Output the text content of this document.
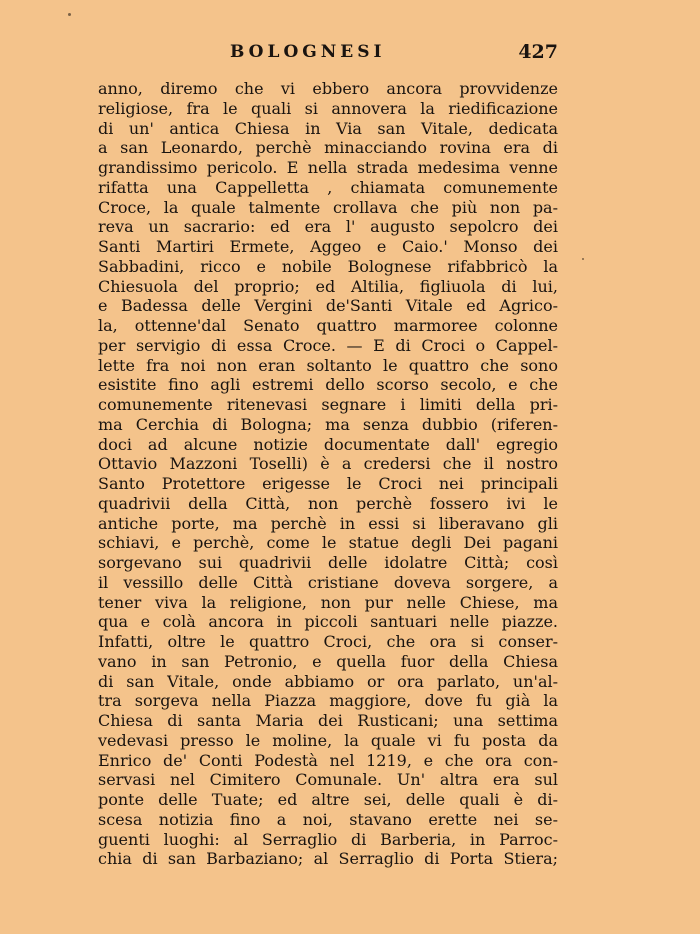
BOLOGNESI	427
anno, diremo che vi ebbero ancora provvidenze
religiose, fra le quali si annovera la riedificazione
di un' antica Chiesa in Via san Vitale, dedicata
a san Leonardo, perchè minacciando rovina era di
grandissimo pericolo. E nella strada medesima venne
rifatta una Cappelletta , chiamata comunemente
Croce, la quale talmente crollava che più non pa-
reva un sacrario: ed era l' augusto sepolcro dei
Santi Martiri Ermete, Aggeo e Caio.' Monso dei
Sabbadini, ricco e nobile Bolognese rifabbricò la
Chiesuola del proprio; ed Altilia, figliuola di lui,
e Badessa delle Vergini de'Santi Vitale ed Agrico-
la, ottenne'dal Senato quattro marmoree colonne
per servigio di essa Croce. — E di Croci o Cappel-
lette fra noi non eran soltanto le quattro che sono
esistite fino agli estremi dello scorso secolo, e che
comunemente ritenevasi segnare i limiti della pri-
ma Cerchia di Bologna; ma senza dubbio (riferen-
doci ad alcune notizie documentate dall' egregio
Ottavio Mazzoni Toselli) è a credersi che il nostro
Santo Protettore erigesse le Croci nei principali
quadrivii della Città, non perchè fossero ivi le
antiche porte, ma perchè in essi si liberavano gli
schiavi, e perchè, come le statue degli Dei pagani
sorgevano sui quadrivii delle idolatre Città; così
il vessillo delle Città cristiane doveva sorgere, a
tener viva la religione, non pur nelle Chiese, ma
qua e colà ancora in piccoli santuari nelle piazze.
Infatti, oltre le quattro Croci, che ora si conser-
vano in san Petronio, e quella fuor della Chiesa
di san Vitale, onde abbiamo or ora parlato, un'al-
tra sorgeva nella Piazza maggiore, dove fu già la
Chiesa di santa Maria dei Rusticani; una settima
vedevasi presso le moline, la quale vi fu posta da
Enrico de' Conti Podestà nel 1219, e che ora con-
servasi nel Cimitero Comunale. Un' altra era sul
ponte delle Tuate; ed altre sei, delle quali è di-
scesa notizia fino a noi, stavano erette nei se-
guenti luoghi: al Serraglio di Barberia, in Parroc-
chia di san Barbaziano; al Serraglio di Porta Stiera;
